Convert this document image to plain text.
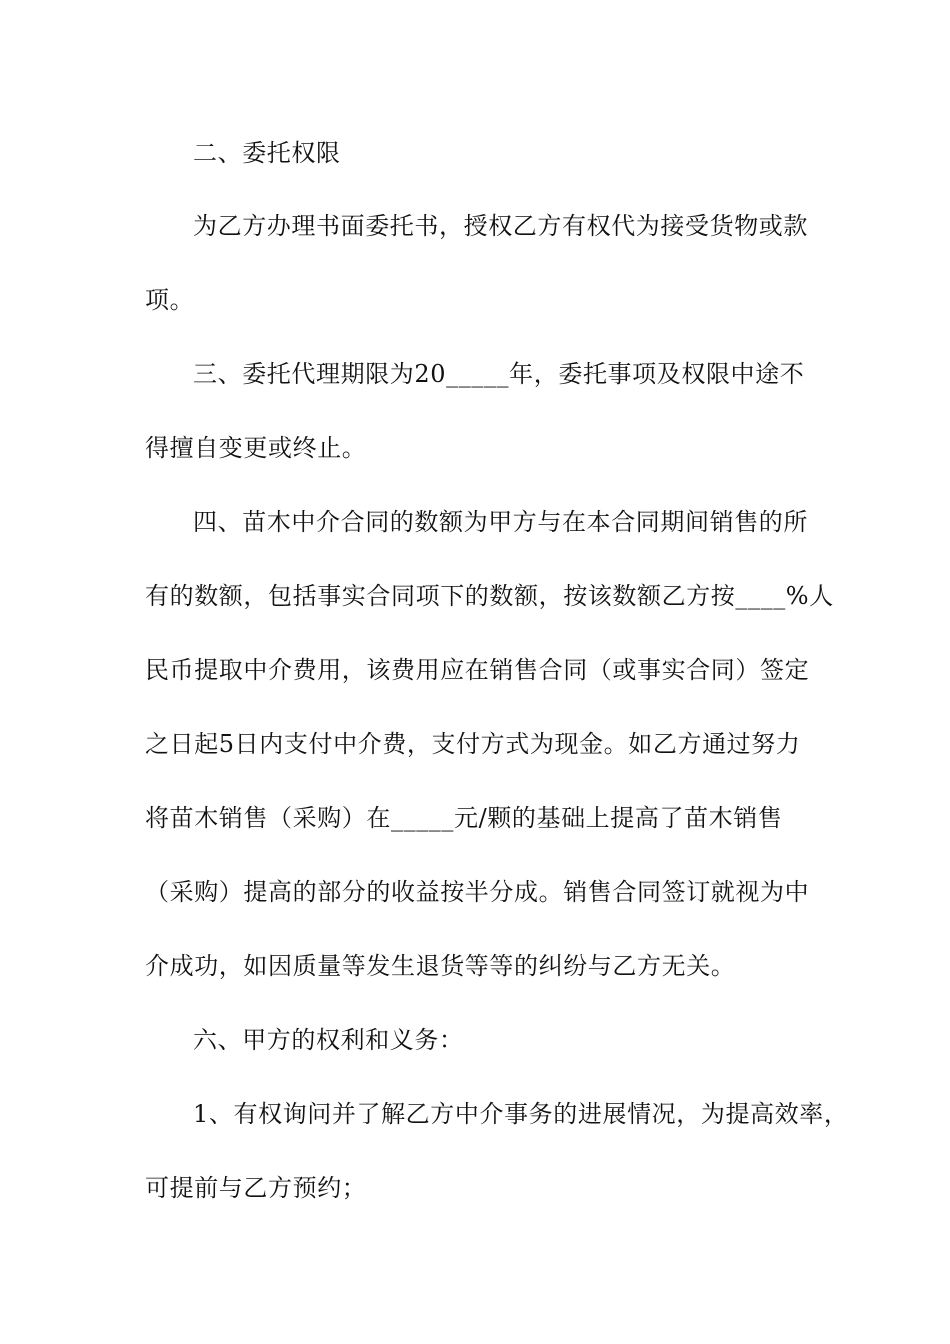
二、委托权限
为乙方办理书面委托书，授权乙方有权代为接受货物或款
项。
三、委托代理期限为20_____年，委托事项及权限中途不
得擅自变更或终止。
四、苗木中介合同的数额为甲方与在本合同期间销售的所
有的数额，包括事实合同项下的数额，按该数额乙方按____%人
民币提取中介费用，该费用应在销售合同（或事实合同）签定
之日起5日内支付中介费，支付方式为现金。如乙方通过努力
将苗木销售（采购）在_____元/颗的基础上提高了苗木销售
（采购）提高的部分的收益按半分成。销售合同签订就视为中
介成功，如因质量等发生退货等等的纠纷与乙方无关。
六、甲方的权利和义务：
1、有权询问并了解乙方中介事务的进展情况，为提高效率，
可提前与乙方预约；
